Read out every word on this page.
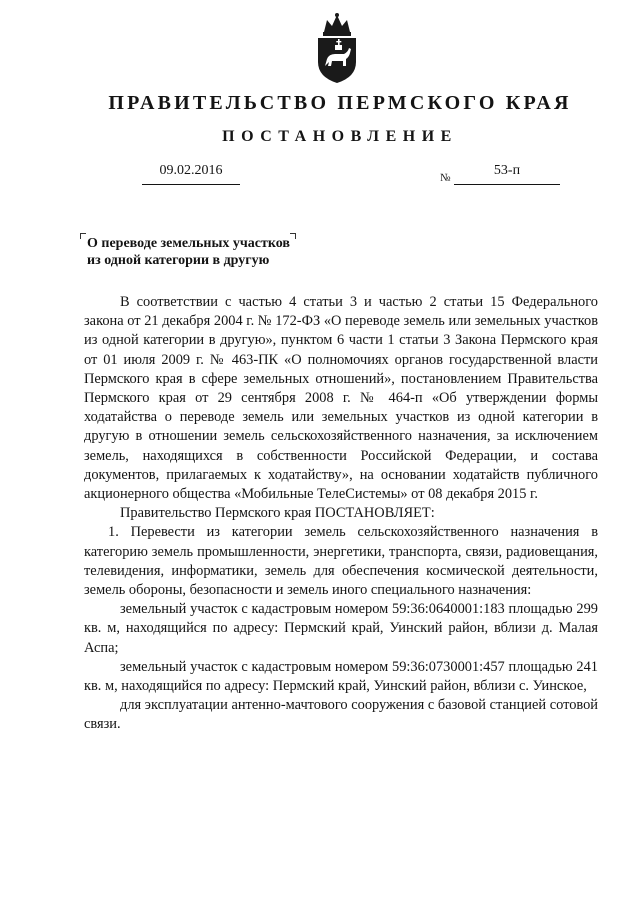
ПРАВИТЕЛЬСТВО ПЕРМСКОГО КРАЯ
ПОСТАНОВЛЕНИЕ
09.02.2016	№	53-п
О переводе земельных участков
из одной категории в другую

В соответствии с частью 4 статьи 3 и частью 2 статьи 15 Федерального закона от 21 декабря 2004 г. № 172-ФЗ «О переводе земель или земельных участков из одной категории в другую», пунктом 6 части 1 статьи 3 Закона Пермского края от 01 июля 2009 г. № 463-ПК «О полномочиях органов государственной власти Пермского края в сфере земельных отношений», постановлением Правительства Пермского края от 29 сентября 2008 г. № 464-п «Об утверждении формы ходатайства о переводе земель или земельных участков из одной категории в другую в отношении земель сельскохозяйственного назначения, за исключением земель, находящихся в собственности Российской Федерации, и состава документов, прилагаемых к ходатайству», на основании ходатайств публичного акционерного общества «Мобильные ТелеСистемы» от 08 декабря 2015 г.

Правительство Пермского края ПОСТАНОВЛЯЕТ:

1. Перевести из категории земель сельскохозяйственного назначения в категорию земель промышленности, энергетики, транспорта, связи, радиовещания, телевидения, информатики, земель для обеспечения космической деятельности, земель обороны, безопасности и земель иного специального назначения:

земельный участок с кадастровым номером 59:36:0640001:183 площадью 299 кв. м, находящийся по адресу: Пермский край, Уинский район, вблизи д. Малая Аспа;

земельный участок с кадастровым номером 59:36:0730001:457 площадью 241 кв. м, находящийся по адресу: Пермский край, Уинский район, вблизи с. Уинское,

для эксплуатации антенно-мачтового сооружения с базовой станцией сотовой связи.
